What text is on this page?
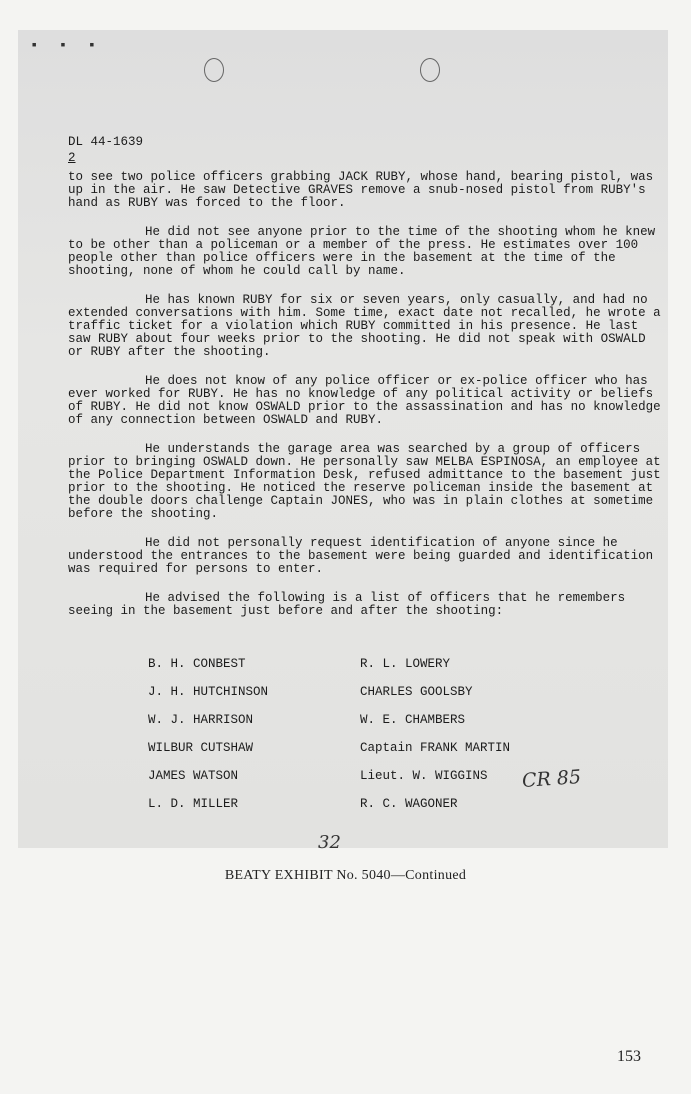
▪ ▪ ▪
DL 44-1639
2

to see two police officers grabbing JACK RUBY, whose hand, bearing pistol, was up in the air. He saw Detective GRAVES remove a snub-nosed pistol from RUBY's hand as RUBY was forced to the floor.

He did not see anyone prior to the time of the shooting whom he knew to be other than a policeman or a member of the press. He estimates over 100 people other than police officers were in the basement at the time of the shooting, none of whom he could call by name.

He has known RUBY for six or seven years, only casually, and had no extended conversations with him. Some time, exact date not recalled, he wrote a traffic ticket for a violation which RUBY committed in his presence. He last saw RUBY about four weeks prior to the shooting. He did not speak with OSWALD or RUBY after the shooting.

He does not know of any police officer or ex-police officer who has ever worked for RUBY. He has no knowledge of any political activity or beliefs of RUBY. He did not know OSWALD prior to the assassination and has no knowledge of any connection between OSWALD and RUBY.

He understands the garage area was searched by a group of officers prior to bringing OSWALD down. He personally saw MELBA ESPINOSA, an employee at the Police Department Information Desk, refused admittance to the basement just prior to the shooting. He noticed the reserve policeman inside the basement at the double doors challenge Captain JONES, who was in plain clothes at sometime before the shooting.

He did not personally request identification of anyone since he understood the entrances to the basement were being guarded and identification was required for persons to enter.

He advised the following is a list of officers that he remembers seeing in the basement just before and after the shooting:

B. H. CONBEST	R. L. LOWERY
J. H. HUTCHINSON	CHARLES GOOLSBY
W. J. HARRISON	W. E. CHAMBERS
WILBUR CUTSHAW	Captain FRANK MARTIN
JAMES WATSON	Lieut. W. WIGGINS
L. D. MILLER	R. C. WAGONER
CR 85
32
BEATY EXHIBIT No. 5040—Continued
153
